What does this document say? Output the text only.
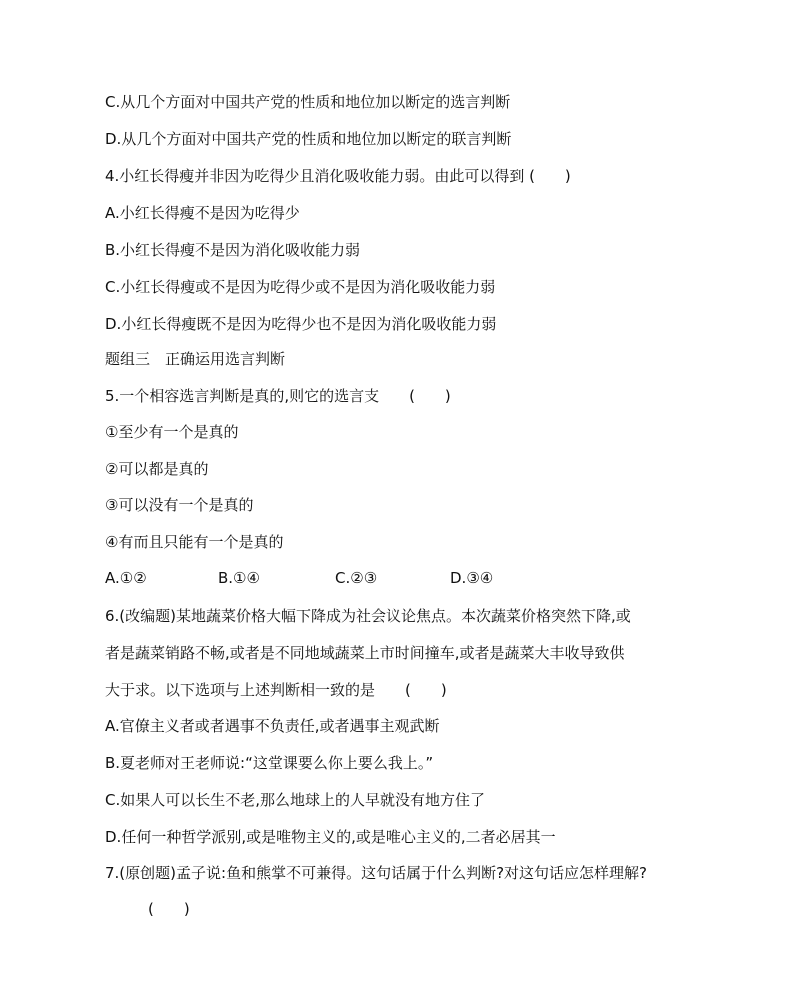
C.从几个方面对中国共产党的性质和地位加以断定的选言判断
D.从几个方面对中国共产党的性质和地位加以断定的联言判断
4.小红长得瘦并非因为吃得少且消化吸收能力弱。由此可以得到 (　　)
A.小红长得瘦不是因为吃得少
B.小红长得瘦不是因为消化吸收能力弱
C.小红长得瘦或不是因为吃得少或不是因为消化吸收能力弱
D.小红长得瘦既不是因为吃得少也不是因为消化吸收能力弱
题组三　正确运用选言判断
5.一个相容选言判断是真的,则它的选言支　　(　　)
①至少有一个是真的
②可以都是真的
③可以没有一个是真的
④有而且只能有一个是真的
A.①②	B.①④	C.②③	D.③④
6.(改编题)某地蔬菜价格大幅下降成为社会议论焦点。本次蔬菜价格突然下降,或
者是蔬菜销路不畅,或者是不同地域蔬菜上市时间撞车,或者是蔬菜大丰收导致供
大于求。以下选项与上述判断相一致的是　　(　　)
A.官僚主义者或者遇事不负责任,或者遇事主观武断
B.夏老师对王老师说:“这堂课要么你上要么我上。”
C.如果人可以长生不老,那么地球上的人早就没有地方住了
D.任何一种哲学派别,或是唯物主义的,或是唯心主义的,二者必居其一
7.(原创题)孟子说:鱼和熊掌不可兼得。这句话属于什么判断?对这句话应怎样理解?
(　　)
